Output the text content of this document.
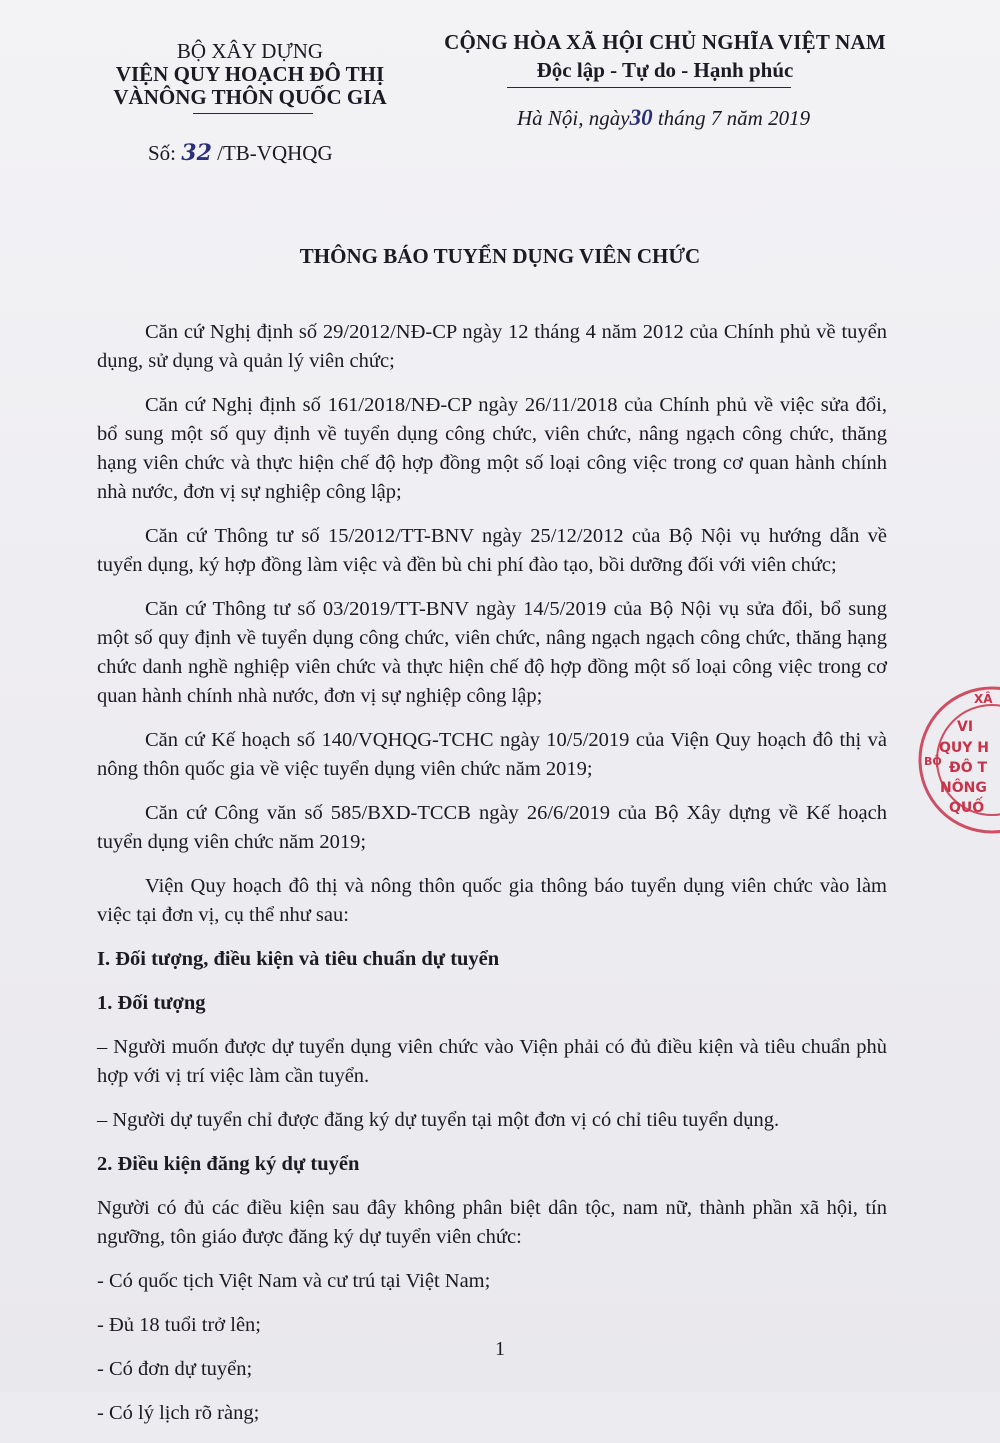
BỘ XÂY DỰNG
VIỆN QUY HOẠCH ĐÔ THỊ
VÀNÔNG THÔN QUỐC GIA
Số: 32 /TB-VQHQG
CỘNG HÒA XÃ HỘI CHỦ NGHĨA VIỆT NAM
Độc lập - Tự do - Hạnh phúc
Hà Nội, ngày30 tháng 7 năm 2019
THÔNG BÁO TUYỂN DỤNG VIÊN CHỨC

Căn cứ Nghị định số 29/2012/NĐ-CP ngày 12 tháng 4 năm 2012 của Chính phủ về tuyển dụng, sử dụng và quản lý viên chức;

Căn cứ Nghị định số 161/2018/NĐ-CP ngày 26/11/2018 của Chính phủ về việc sửa đổi, bổ sung một số quy định về tuyển dụng công chức, viên chức, nâng ngạch công chức, thăng hạng viên chức và thực hiện chế độ hợp đồng một số loại công việc trong cơ quan hành chính nhà nước, đơn vị sự nghiệp công lập;

Căn cứ Thông tư số 15/2012/TT-BNV ngày 25/12/2012 của Bộ Nội vụ hướng dẫn về tuyển dụng, ký hợp đồng làm việc và đền bù chi phí đào tạo, bồi dưỡng đối với viên chức;

Căn cứ Thông tư số 03/2019/TT-BNV ngày 14/5/2019 của Bộ Nội vụ sửa đổi, bổ sung một số quy định về tuyển dụng công chức, viên chức, nâng ngạch ngạch công chức, thăng hạng chức danh nghề nghiệp viên chức và thực hiện chế độ hợp đồng một số loại công việc trong cơ quan hành chính nhà nước, đơn vị sự nghiệp công lập;

Căn cứ Kế hoạch số 140/VQHQG-TCHC ngày 10/5/2019 của Viện Quy hoạch đô thị và nông thôn quốc gia về việc tuyển dụng viên chức năm 2019;

Căn cứ Công văn số 585/BXD-TCCB ngày 26/6/2019 của Bộ Xây dựng về Kế hoạch tuyển dụng viên chức năm 2019;

Viện Quy hoạch đô thị và nông thôn quốc gia thông báo tuyển dụng viên chức vào làm việc tại đơn vị, cụ thể như sau:

I. Đối tượng, điều kiện và tiêu chuẩn dự tuyển

1. Đối tượng

– Người muốn được dự tuyển dụng viên chức vào Viện phải có đủ điều kiện và tiêu chuẩn phù hợp với vị trí việc làm cần tuyển.

– Người dự tuyển chỉ được đăng ký dự tuyển tại một đơn vị có chỉ tiêu tuyển dụng.

2. Điều kiện đăng ký dự tuyển

Người có đủ các điều kiện sau đây không phân biệt dân tộc, nam nữ, thành phần xã hội, tín ngưỡng, tôn giáo được đăng ký dự tuyển viên chức:

- Có quốc tịch Việt Nam và cư trú tại Việt Nam;

- Đủ 18 tuổi trở lên;

- Có đơn dự tuyển;

- Có lý lịch rõ ràng;

1
XÂ
BỘ
VI
QUY H
ĐÔ T
NÔNG
QUỐ
